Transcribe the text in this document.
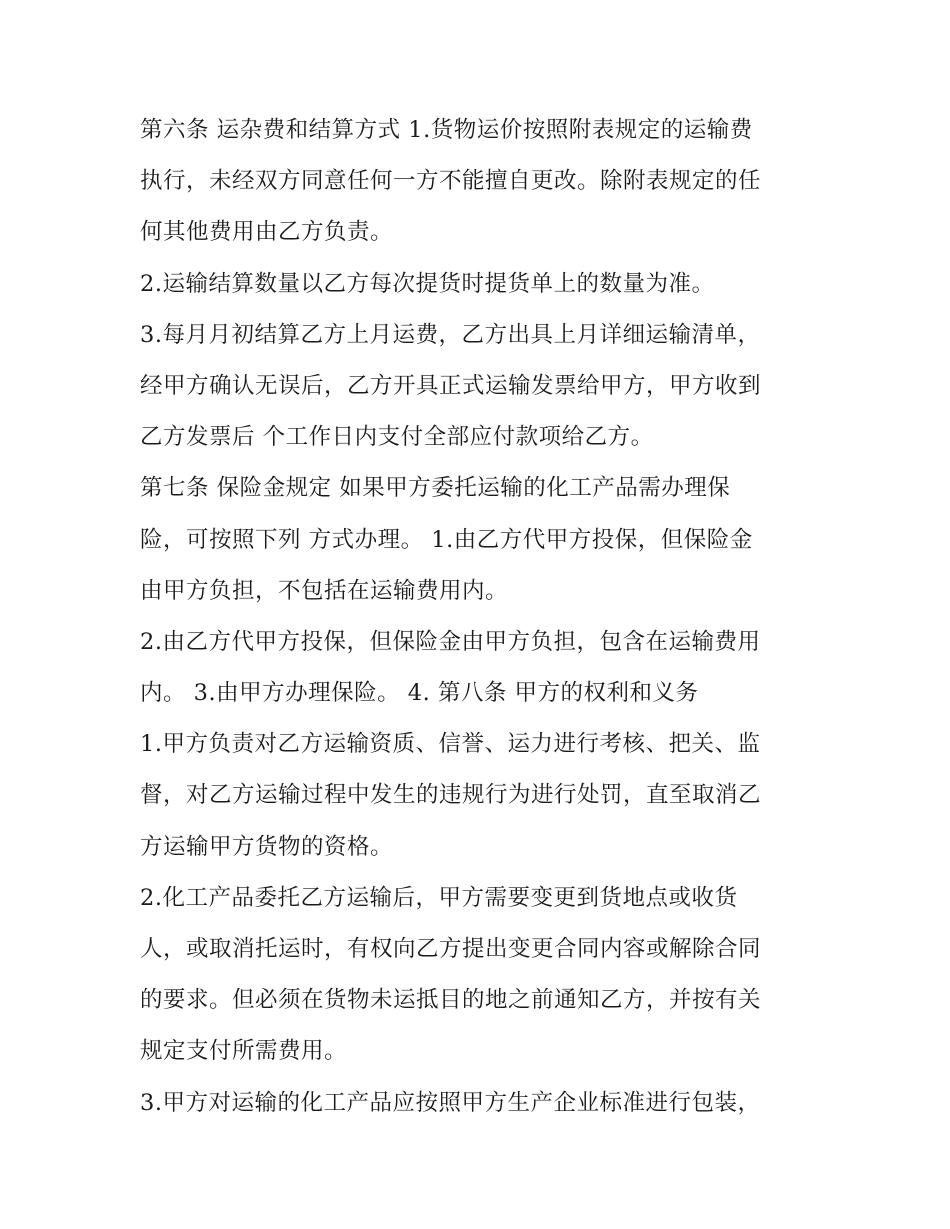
第六条 运杂费和结算方式 1.货物运价按照附表规定的运输费
执行，未经双方同意任何一方不能擅自更改。除附表规定的任
何其他费用由乙方负责。
2.运输结算数量以乙方每次提货时提货单上的数量为准。
3.每月月初结算乙方上月运费，乙方出具上月详细运输清单，
经甲方确认无误后，乙方开具正式运输发票给甲方，甲方收到
乙方发票后 个工作日内支付全部应付款项给乙方。
第七条 保险金规定 如果甲方委托运输的化工产品需办理保
险，可按照下列 方式办理。 1.由乙方代甲方投保，但保险金
由甲方负担，不包括在运输费用内。
2.由乙方代甲方投保，但保险金由甲方负担，包含在运输费用
内。 3.由甲方办理保险。 4. 第八条 甲方的权利和义务
1.甲方负责对乙方运输资质、信誉、运力进行考核、把关、监
督，对乙方运输过程中发生的违规行为进行处罚，直至取消乙
方运输甲方货物的资格。
2.化工产品委托乙方运输后，甲方需要变更到货地点或收货
人，或取消托运时，有权向乙方提出变更合同内容或解除合同
的要求。但必须在货物未运抵目的地之前通知乙方，并按有关
规定支付所需费用。
3.甲方对运输的化工产品应按照甲方生产企业标准进行包装，
